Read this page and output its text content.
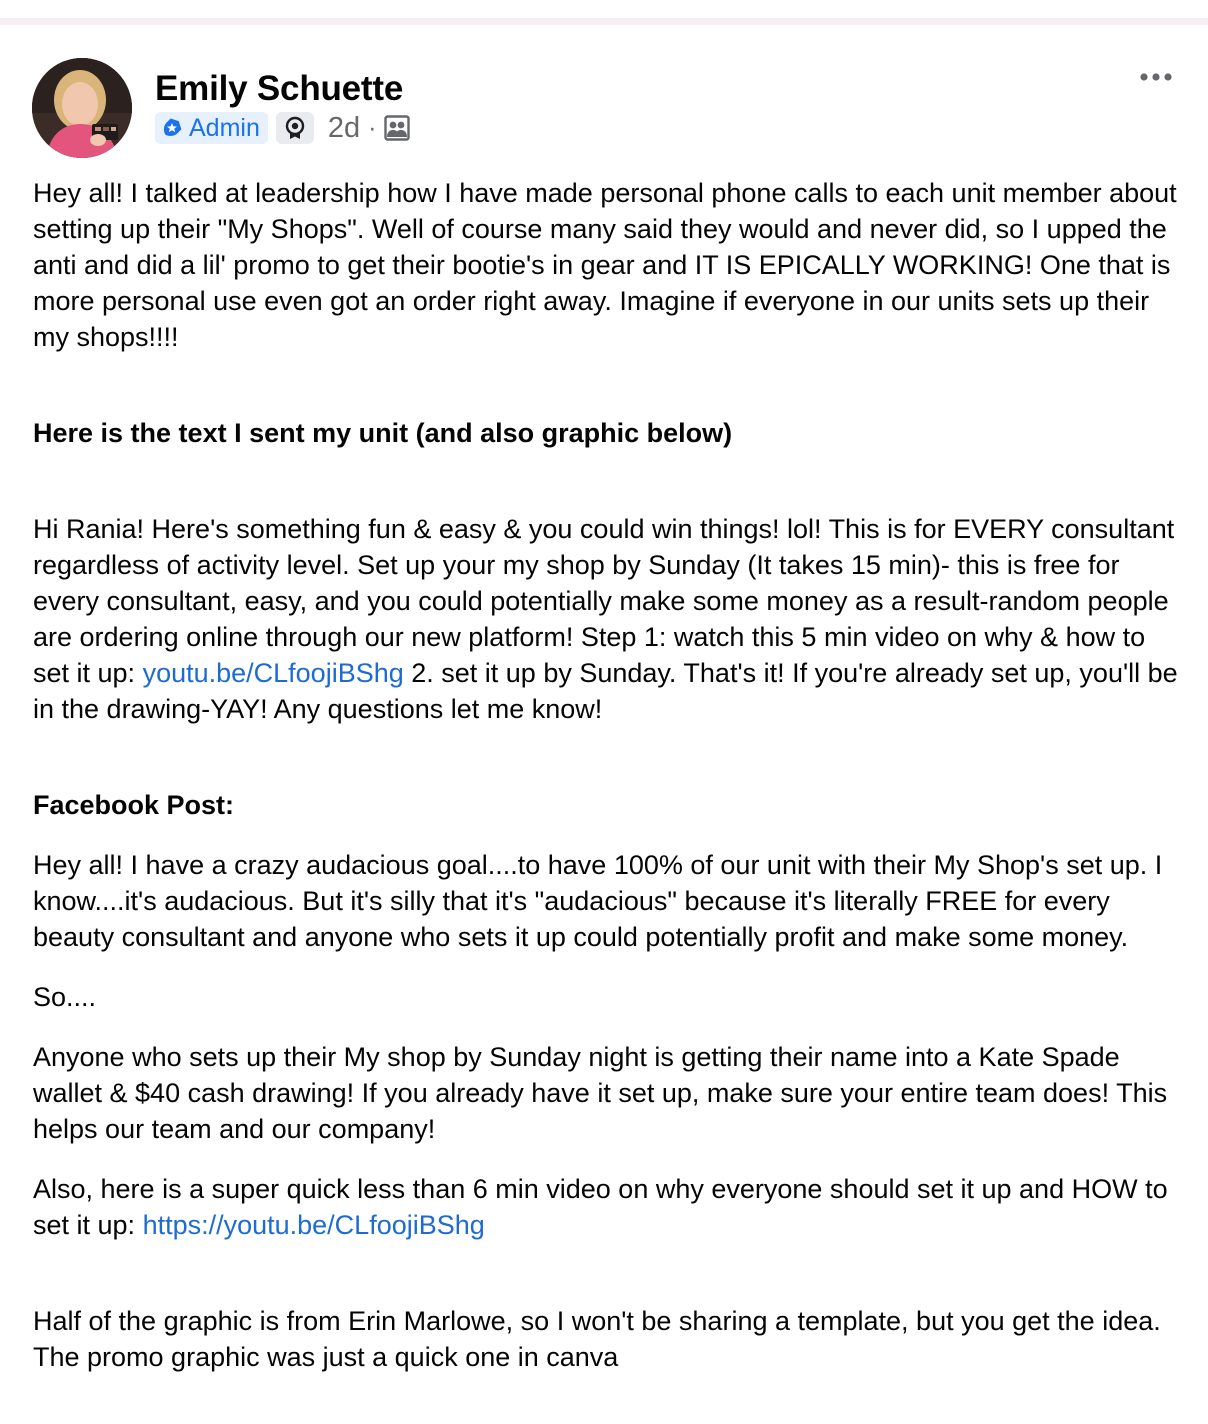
Emily Schuette
Admin 2d ·

Hey all! I talked at leadership how I have made personal phone calls to each unit member about setting up their "My Shops". Well of course many said they would and never did, so I upped the anti and did a lil' promo to get their bootie's in gear and IT IS EPICALLY WORKING! One that is more personal use even got an order right away. Imagine if everyone in our units sets up their my shops!!!!

Here is the text I sent my unit (and also graphic below)

Hi Rania! Here's something fun & easy & you could win things! lol! This is for EVERY consultant regardless of activity level. Set up your my shop by Sunday (It takes 15 min)- this is free for every consultant, easy, and you could potentially make some money as a result-random people are ordering online through our new platform! Step 1: watch this 5 min video on why & how to set it up: youtu.be/CLfoojiBShg 2. set it up by Sunday. That's it! If you're already set up, you'll be in the drawing-YAY! Any questions let me know!

Facebook Post:

Hey all! I have a crazy audacious goal....to have 100% of our unit with their My Shop's set up. I know....it's audacious. But it's silly that it's "audacious" because it's literally FREE for every beauty consultant and anyone who sets it up could potentially profit and make some money.

So....

Anyone who sets up their My shop by Sunday night is getting their name into a Kate Spade wallet & $40 cash drawing! If you already have it set up, make sure your entire team does! This helps our team and our company!

Also, here is a super quick less than 6 min video on why everyone should set it up and HOW to set it up: https://youtu.be/CLfoojiBShg

Half of the graphic is from Erin Marlowe, so I won't be sharing a template, but you get the idea. The promo graphic was just a quick one in canva
